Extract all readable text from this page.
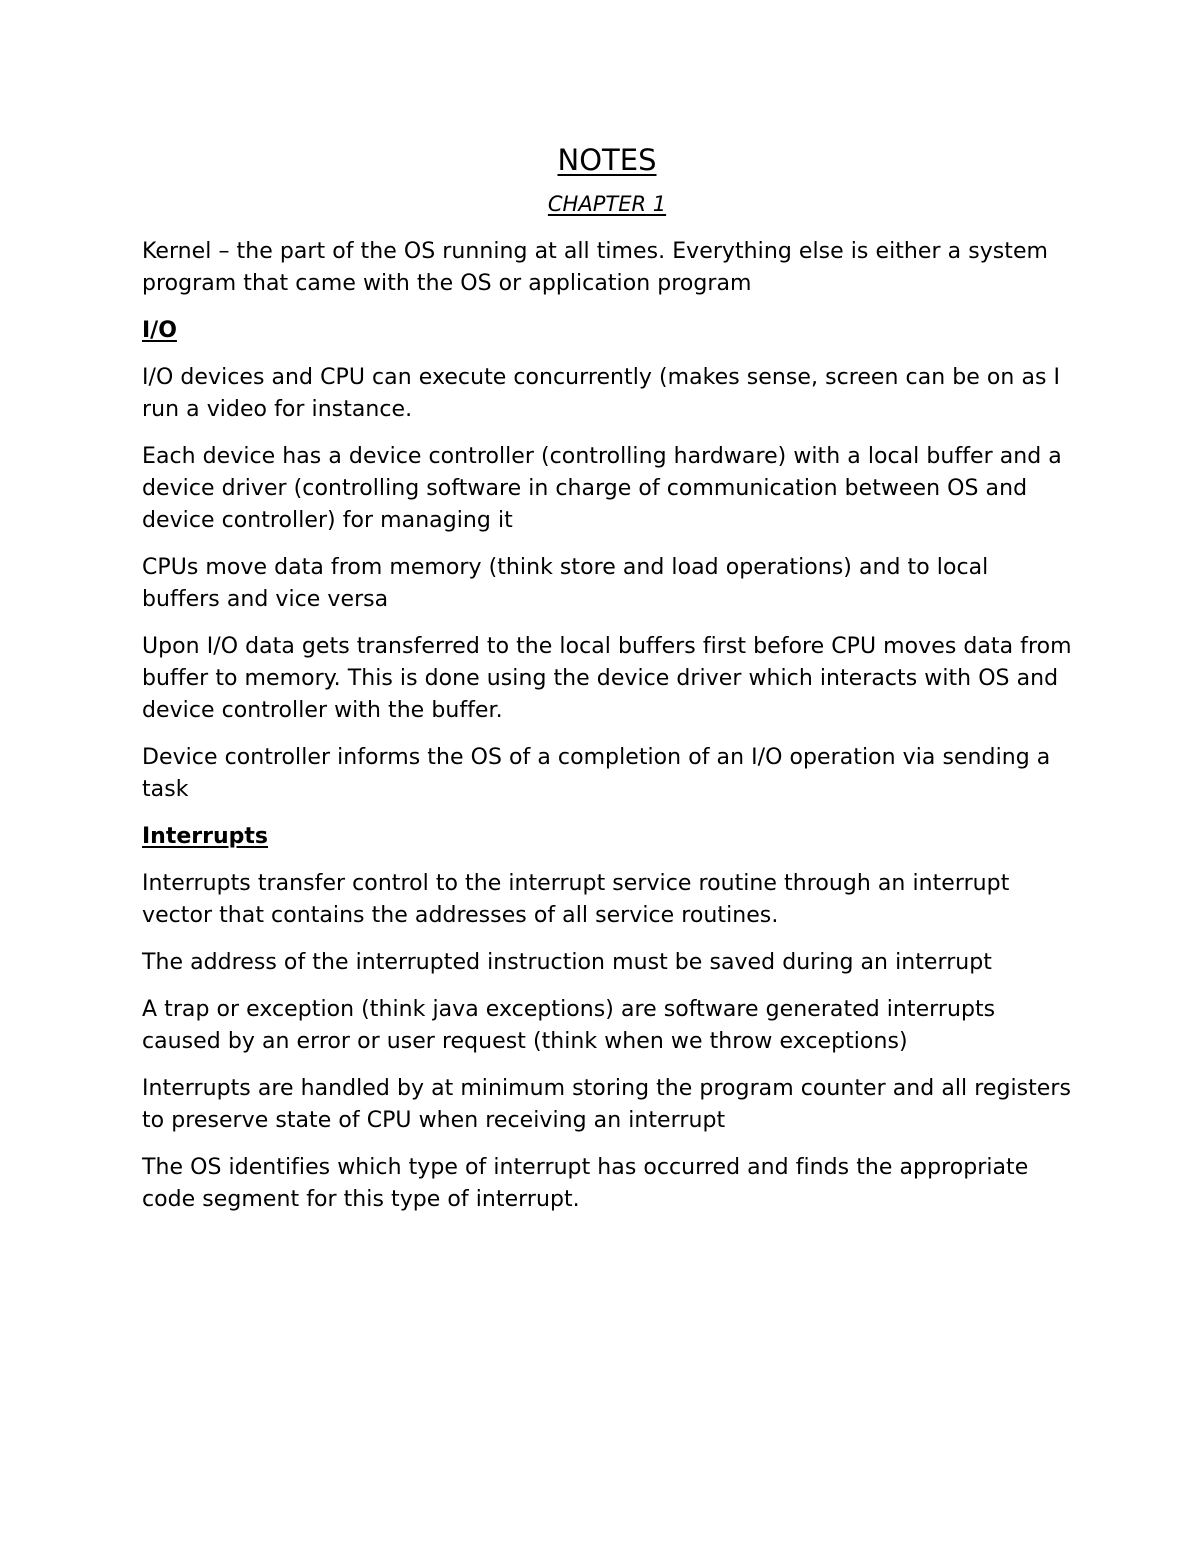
NOTES
CHAPTER 1

Kernel – the part of the OS running at all times. Everything else is either a system program that came with the OS or application program

I/O

I/O devices and CPU can execute concurrently (makes sense, screen can be on as I run a video for instance.

Each device has a device controller (controlling hardware) with a local buffer and a device driver (controlling software in charge of communication between OS and device controller) for managing it

CPUs move data from memory (think store and load operations) and to local buffers and vice versa

Upon I/O data gets transferred to the local buffers first before CPU moves data from buffer to memory. This is done using the device driver which interacts with OS and device controller with the buffer.

Device controller informs the OS of a completion of an I/O operation via sending a task

Interrupts

Interrupts transfer control to the interrupt service routine through an interrupt vector that contains the addresses of all service routines.

The address of the interrupted instruction must be saved during an interrupt

A trap or exception (think java exceptions) are software generated interrupts caused by an error or user request (think when we throw exceptions)

Interrupts are handled by at minimum storing the program counter and all registers to preserve state of CPU when receiving an interrupt

The OS identifies which type of interrupt has occurred and finds the appropriate code segment for this type of interrupt.
